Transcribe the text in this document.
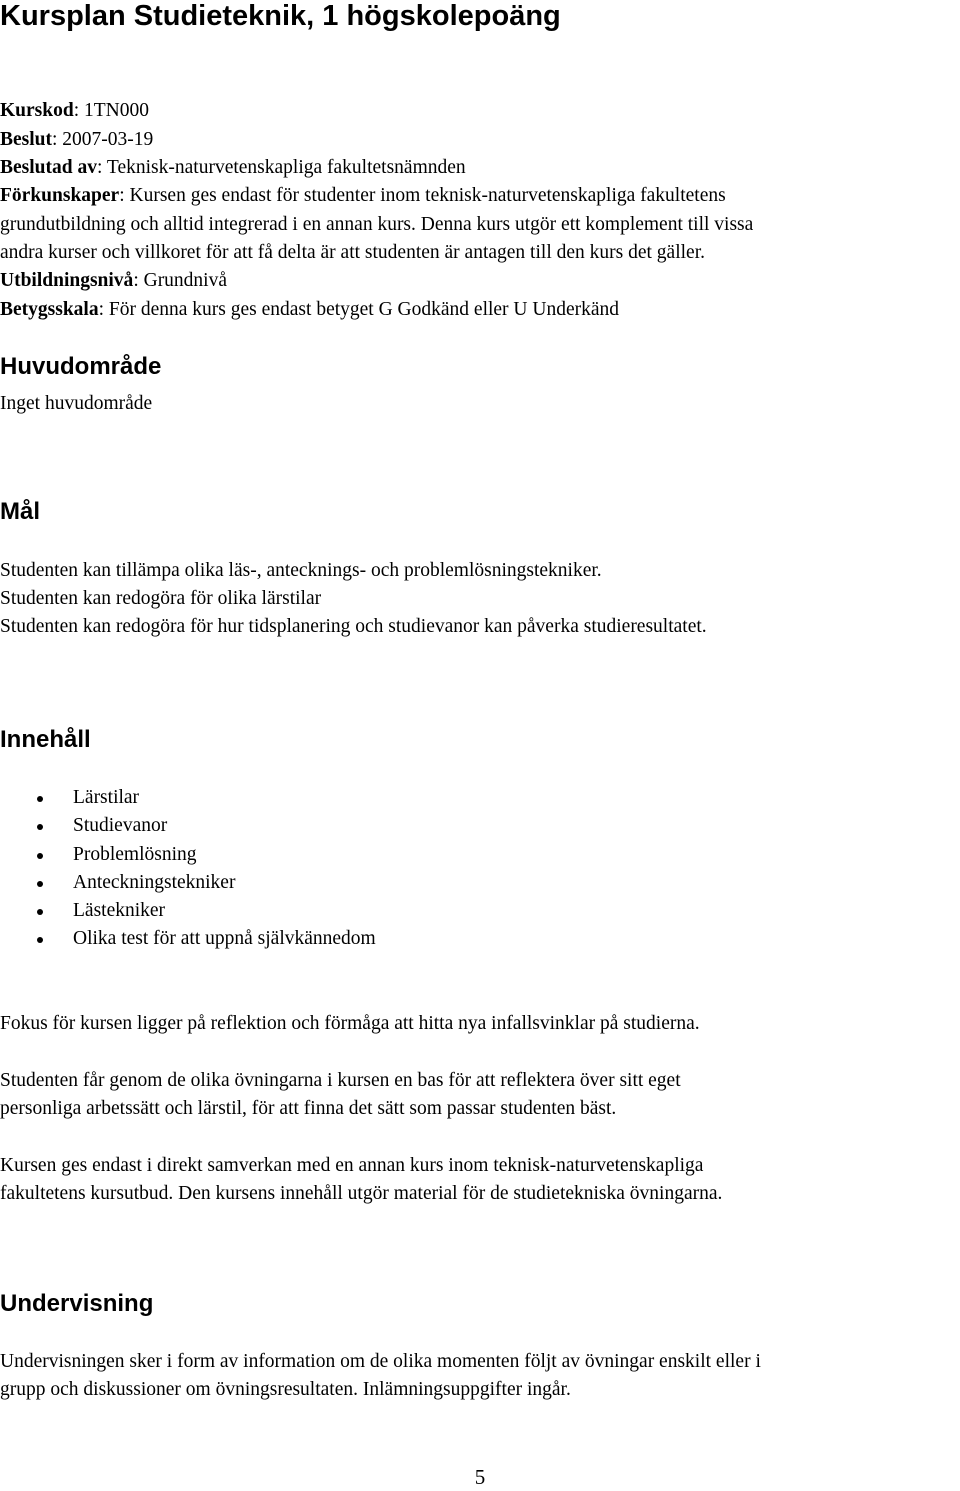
Kursplan Studieteknik, 1 högskolepoäng
Kurskod: 1TN000
Beslut: 2007-03-19
Beslutad av: Teknisk-naturvetenskapliga fakultetsnämnden
Förkunskaper: Kursen ges endast för studenter inom teknisk-naturvetenskapliga fakultetens
grundutbildning och alltid integrerad i en annan kurs. Denna kurs utgör ett komplement till vissa
andra kurser och villkoret för att få delta är att studenten är antagen till den kurs det gäller.
Utbildningsnivå: Grundnivå
Betygsskala: För denna kurs ges endast betyget G Godkänd eller U Underkänd
Huvudområde
Inget huvudområde
Mål
Studenten kan tillämpa olika läs-, antecknings- och problemlösningstekniker.
Studenten kan redogöra för olika lärstilar
Studenten kan redogöra för hur tidsplanering och studievanor kan påverka studieresultatet.
Innehåll
Lärstilar
Studievanor
Problemlösning
Anteckningstekniker
Lästekniker
Olika test för att uppnå självkännedom
Fokus för kursen ligger på reflektion och förmåga att hitta nya infallsvinklar på studierna.
Studenten får genom de olika övningarna i kursen en bas för att reflektera över sitt eget
personliga arbetssätt och lärstil, för att finna det sätt som passar studenten bäst.
Kursen ges endast i direkt samverkan med en annan kurs inom teknisk-naturvetenskapliga
fakultetens kursutbud. Den kursens innehåll utgör material för de studietekniska övningarna.
Undervisning
Undervisningen sker i form av information om de olika momenten följt av övningar enskilt eller i
grupp och diskussioner om övningsresultaten. Inlämningsuppgifter ingår.
5
